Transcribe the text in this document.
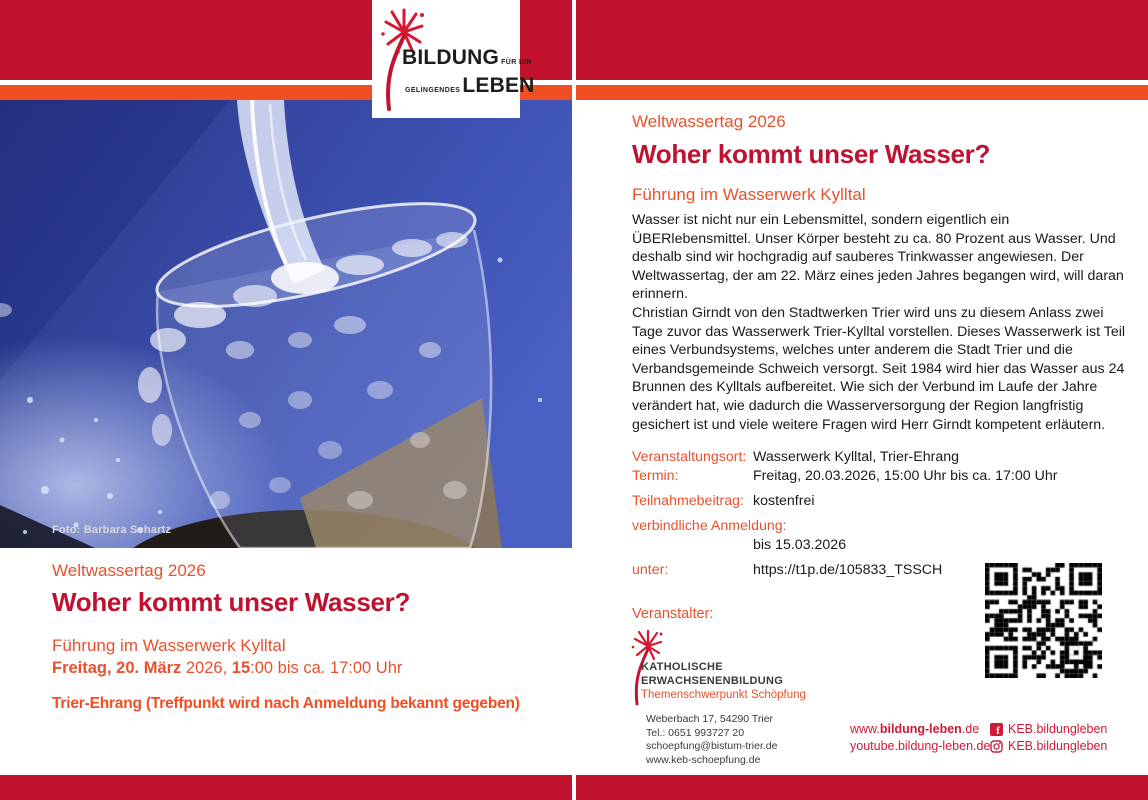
Foto: Barbara Schartz
BILDUNG FÜR EIN
GELINGENDES LEBEN
Weltwassertag 2026
Woher kommt unser Wasser?
Führung im Wasserwerk Kylltal
Freitag, 20. März 2026, 15:00 bis ca. 17:00 Uhr
Trier-Ehrang (Treffpunkt wird nach Anmeldung bekannt gegeben)
Weltwassertag 2026
Woher kommt unser Wasser?
Führung im Wasserwerk Kylltal

Wasser ist nicht nur ein Lebensmittel, sondern eigentlich ein ÜBERlebensmittel. Unser Körper besteht zu ca. 80 Prozent aus Wasser. Und deshalb sind wir hochgradig auf sauberes Trinkwasser angewiesen. Der Weltwassertag, der am 22. März eines jeden Jahres begangen wird, will daran erinnern.

Christian Girndt von den Stadtwerken Trier wird uns zu diesem Anlass zwei Tage zuvor das Wasserwerk Trier-Kylltal vorstellen. Dieses Wasserwerk ist Teil eines Verbundsystems, welches unter anderem die Stadt Trier und die Verbandsgemeinde Schweich versorgt. Seit 1984 wird hier das Wasser aus 24 Brunnen des Kylltals aufbereitet. Wie sich der Verbund im Laufe der Jahre verändert hat, wie dadurch die Wasserversorgung der Region langfristig gesichert ist und viele weitere Fragen wird Herr Girndt kompetent erläutern.

Veranstaltungsort: Wasserwerk Kylltal, Trier-Ehrang
Termin:	Freitag, 20.03.2026, 15:00 Uhr bis ca. 17:00 Uhr
Teilnahmebeitrag: kostenfrei
verbindliche Anmeldung:
bis 15.03.2026
unter:	https://t1p.de/105833_TSSCH
Veranstalter:
KATHOLISCHE
ERWACHSENENBILDUNG
Themenschwerpunkt Schöpfung
Weberbach 17, 54290 Trier
Tel.: 0651 993727 20
schoepfung@bistum-trier.de
www.keb-schoepfung.de
www.bildung-leben.de
youtube.bildung-leben.de
f KEB.bildungleben
KEB.bildungleben
